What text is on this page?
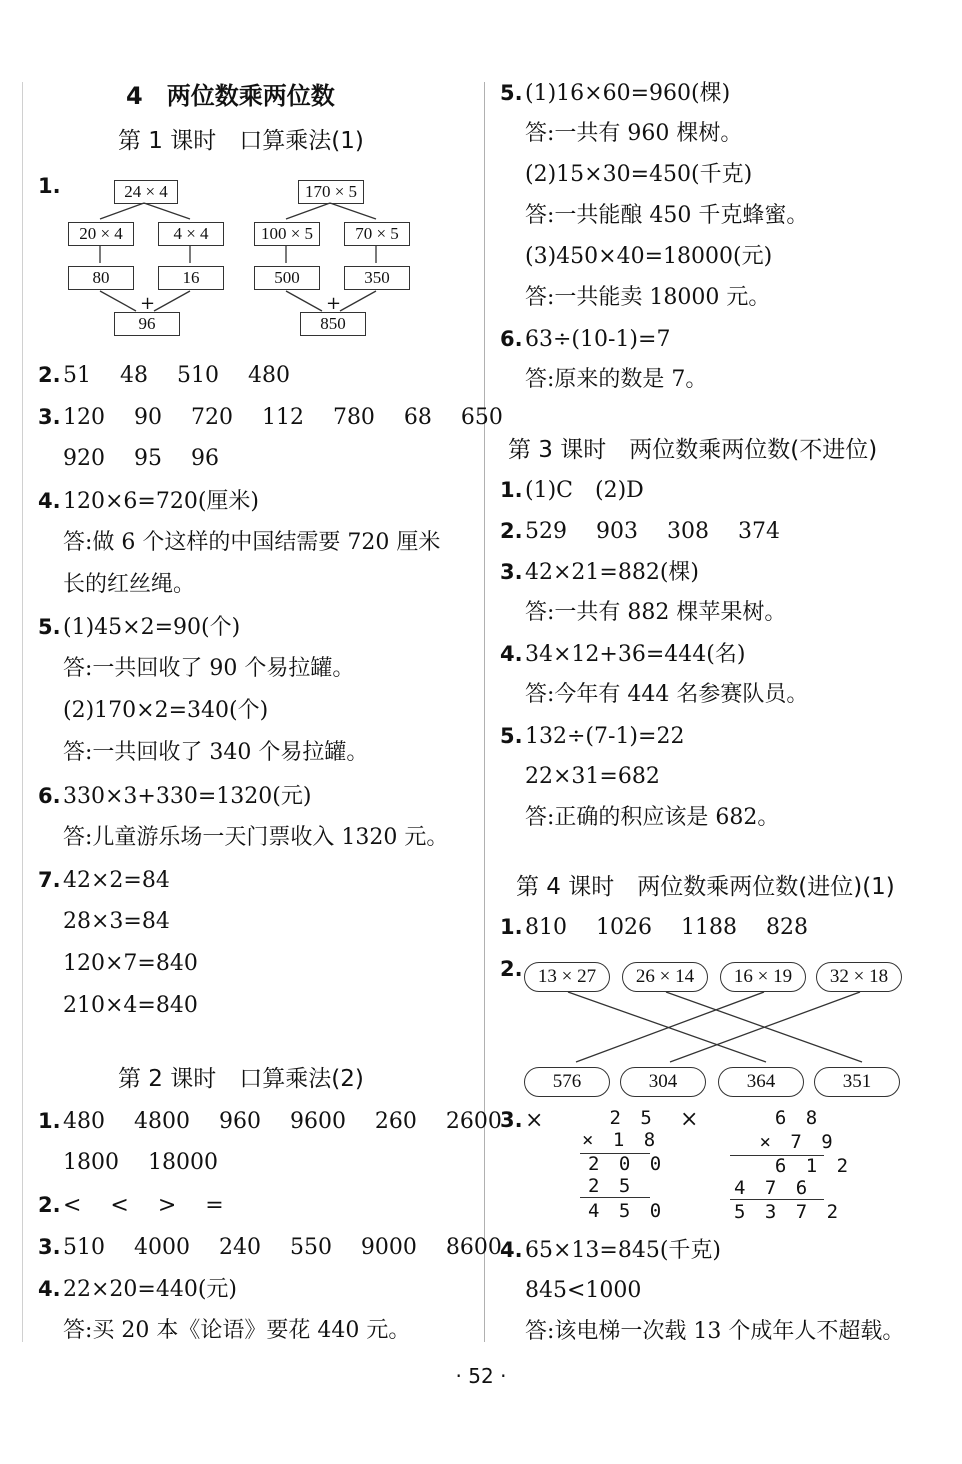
4　两位数乘两位数
第 1 课时　口算乘法(1)
1.	24 × 4
20 × 4	4 × 4
80	16
+
96
170 × 5
100 × 5	70 × 5
500	350
+
850
2. 51　 48　 510　 480
3. 120　 90　 720　 112　 780　 68　 650
920　 95　 96
4. 120×6=720(厘米)
答:做 6 个这样的中国结需要 720 厘米
长的红丝绳。
5. (1)45×2=90(个)
答:一共回收了 90 个易拉罐。
(2)170×2=340(个)
答:一共回收了 340 个易拉罐。
6. 330×3+330=1320(元)
答:儿童游乐场一天门票收入 1320 元。
7. 42×2=84
28×3=84
120×7=840
210×4=840
第 2 课时　口算乘法(2)
1. 480　 4800　 960　 9600　 260　 2600
1800　 18000
2. <　 <　 >　 =
3. 510　 4000　 240　 550　 9000　 8600
4. 22×20=440(元)
答:买 20 本《论语》要花 440 元。
5. (1)16×60=960(棵)
答:一共有 960 棵树。
(2)15×30=450(千克)
答:一共能酿 450 千克蜂蜜。
(3)450×40=18000(元)
答:一共能卖 18000 元。
6. 63÷(10-1)=7
答:原来的数是 7。
第 3 课时　两位数乘两位数(不进位)
1. (1)C　(2)D
2. 529　 903　 308　 374
3. 42×21=882(棵)
答:一共有 882 棵苹果树。
4. 34×12+36=444(名)
答:今年有 444 名参赛队员。
5. 132÷(7-1)=22
22×31=682
答:正确的积应该是 682。
第 4 课时　两位数乘两位数(进位)(1)
1. 810　 1026　 1188　 828
2. 13 × 27	26 × 14	16 × 19	32 × 18
576	304	364	351
3. ×	×
2 5
× 1 8
2 0 0
2 5
4 5 0
6 8
× 7 9
6 1 2
4 7 6
5 3 7 2
4. 65×13=845(千克)
845<1000
答:该电梯一次载 13 个成年人不超载。
· 52 ·
